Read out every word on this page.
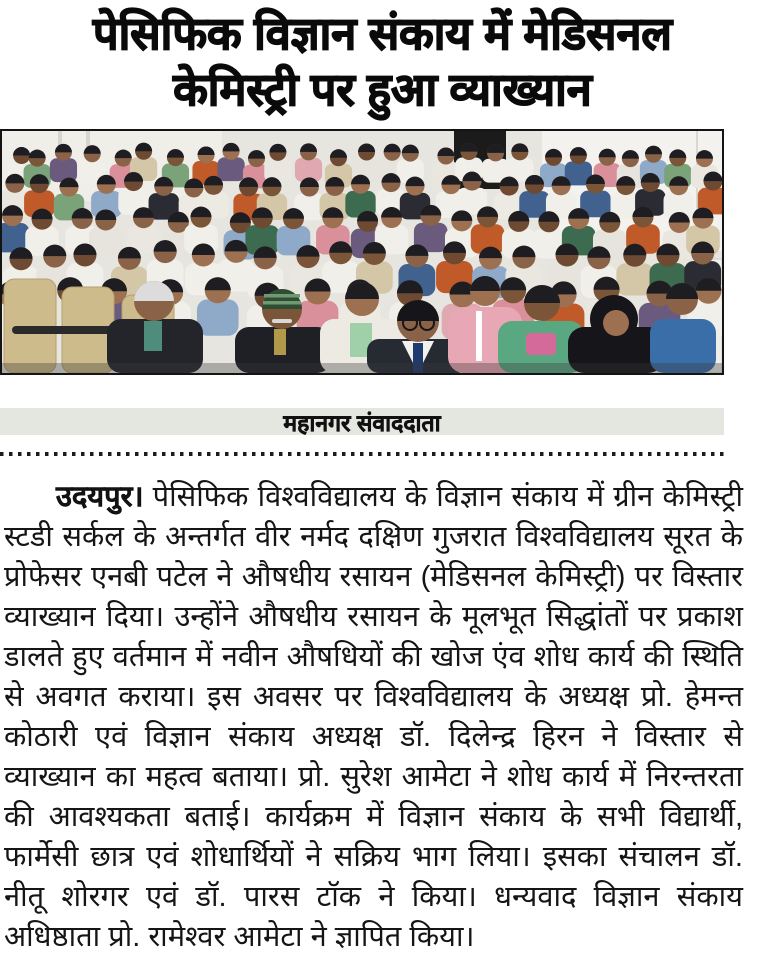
पेसिफिक विज्ञान संकाय में मेडिसनल
केमिस्ट्री पर हुआ व्याख्यान
महानगर संवाददाता
उदयपुर। पेसिफिक विश्वविद्यालय के विज्ञान संकाय में ग्रीन केमिस्ट्री स्टडी सर्कल के अन्तर्गत वीर नर्मद दक्षिण गुजरात विश्वविद्यालय सूरत के प्रोफेसर एनबी पटेल ने औषधीय रसायन (मेडिसनल केमिस्ट्री) पर विस्तार व्याख्यान दिया। उन्होंने औषधीय रसायन के मूलभूत सिद्धांतों पर प्रकाश डालते हुए वर्तमान में नवीन औषधियों की खोज एंव शोध कार्य की स्थिति से अवगत कराया। इस अवसर पर विश्वविद्यालय के अध्यक्ष प्रो. हेमन्त कोठारी एवं विज्ञान संकाय अध्यक्ष डॉ. दिलेन्द्र हिरन ने विस्तार से व्याख्यान का महत्व बताया। प्रो. सुरेश आमेटा ने शोध कार्य में निरन्तरता की आवश्यकता बताई। कार्यक्रम में विज्ञान संकाय के सभी विद्यार्थी, फार्मेसी छात्र एवं शोधार्थियों ने सक्रिय भाग लिया। इसका संचालन डॉ. नीतू शोरगर एवं डॉ. पारस टॉक ने किया। धन्यवाद विज्ञान संकाय अधिष्ठाता प्रो. रामेश्वर आमेटा ने ज्ञापित किया।
